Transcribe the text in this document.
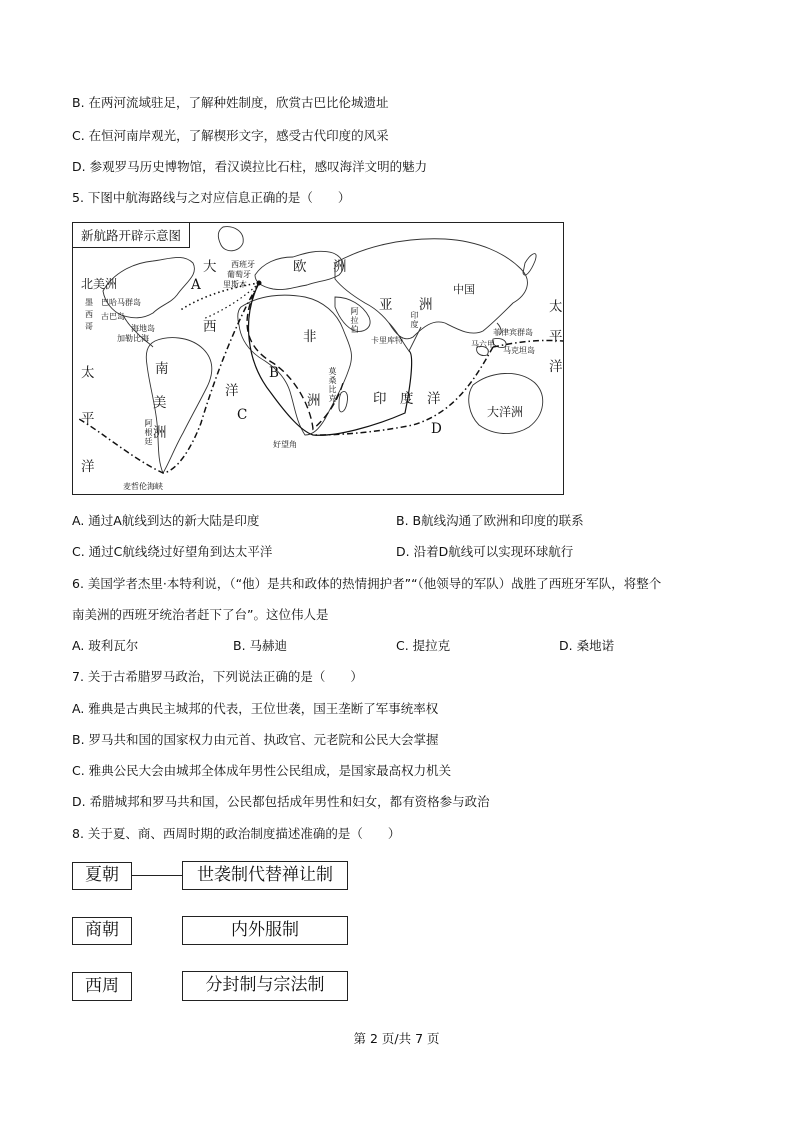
B. 在两河流域驻足，了解种姓制度，欣赏古巴比伦城遗址
C. 在恒河南岸观光，了解楔形文字，感受古代印度的风采
D. 参观罗马历史博物馆，看汉谟拉比石柱，感叹海洋文明的魅力
5. 下图中航海路线与之对应信息正确的是（　　）
新航路开辟示意图
大	欧 洲
北美洲
西班牙
葡萄牙
里斯本
A
巴哈马群岛
古巴岛
墨
西
哥	海地岛
加勒比海
西
洋
非
B
C
南
美
洲
阿根廷
麦哲伦海峡
太
平
洋
亚 洲
阿拉伯	印度
卡里库特
中国
菲律宾群岛
马六甲
马克坦岛
大洋洲
印　度　洋
D
洲 莫桑比克
好望角
太
平
洋
A. 通过A航线到达的新大陆是印度	B. B航线沟通了欧洲和印度的联系
C. 通过C航线绕过好望角到达太平洋	D. 沿着D航线可以实现环球航行
6. 美国学者杰里·本特利说，（“他）是共和政体的热情拥护者”“（他领导的军队）战胜了西班牙军队，将整个
南美洲的西班牙统治者赶下了台”。这位伟人是
A. 玻利瓦尔	B. 马赫迪	C. 提拉克	D. 桑地诺
7. 关于古希腊罗马政治，下列说法正确的是（　　）
A. 雅典是古典民主城邦的代表，王位世袭，国王垄断了军事统率权
B. 罗马共和国的国家权力由元首、执政官、元老院和公民大会掌握
C. 雅典公民大会由城邦全体成年男性公民组成，是国家最高权力机关
D. 希腊城邦和罗马共和国，公民都包括成年男性和妇女，都有资格参与政治
8. 关于夏、商、西周时期的政治制度描述准确的是（　　）
夏朝	世袭制代替禅让制
商朝	内外服制
西周	分封制与宗法制
第 2 页/共 7 页
